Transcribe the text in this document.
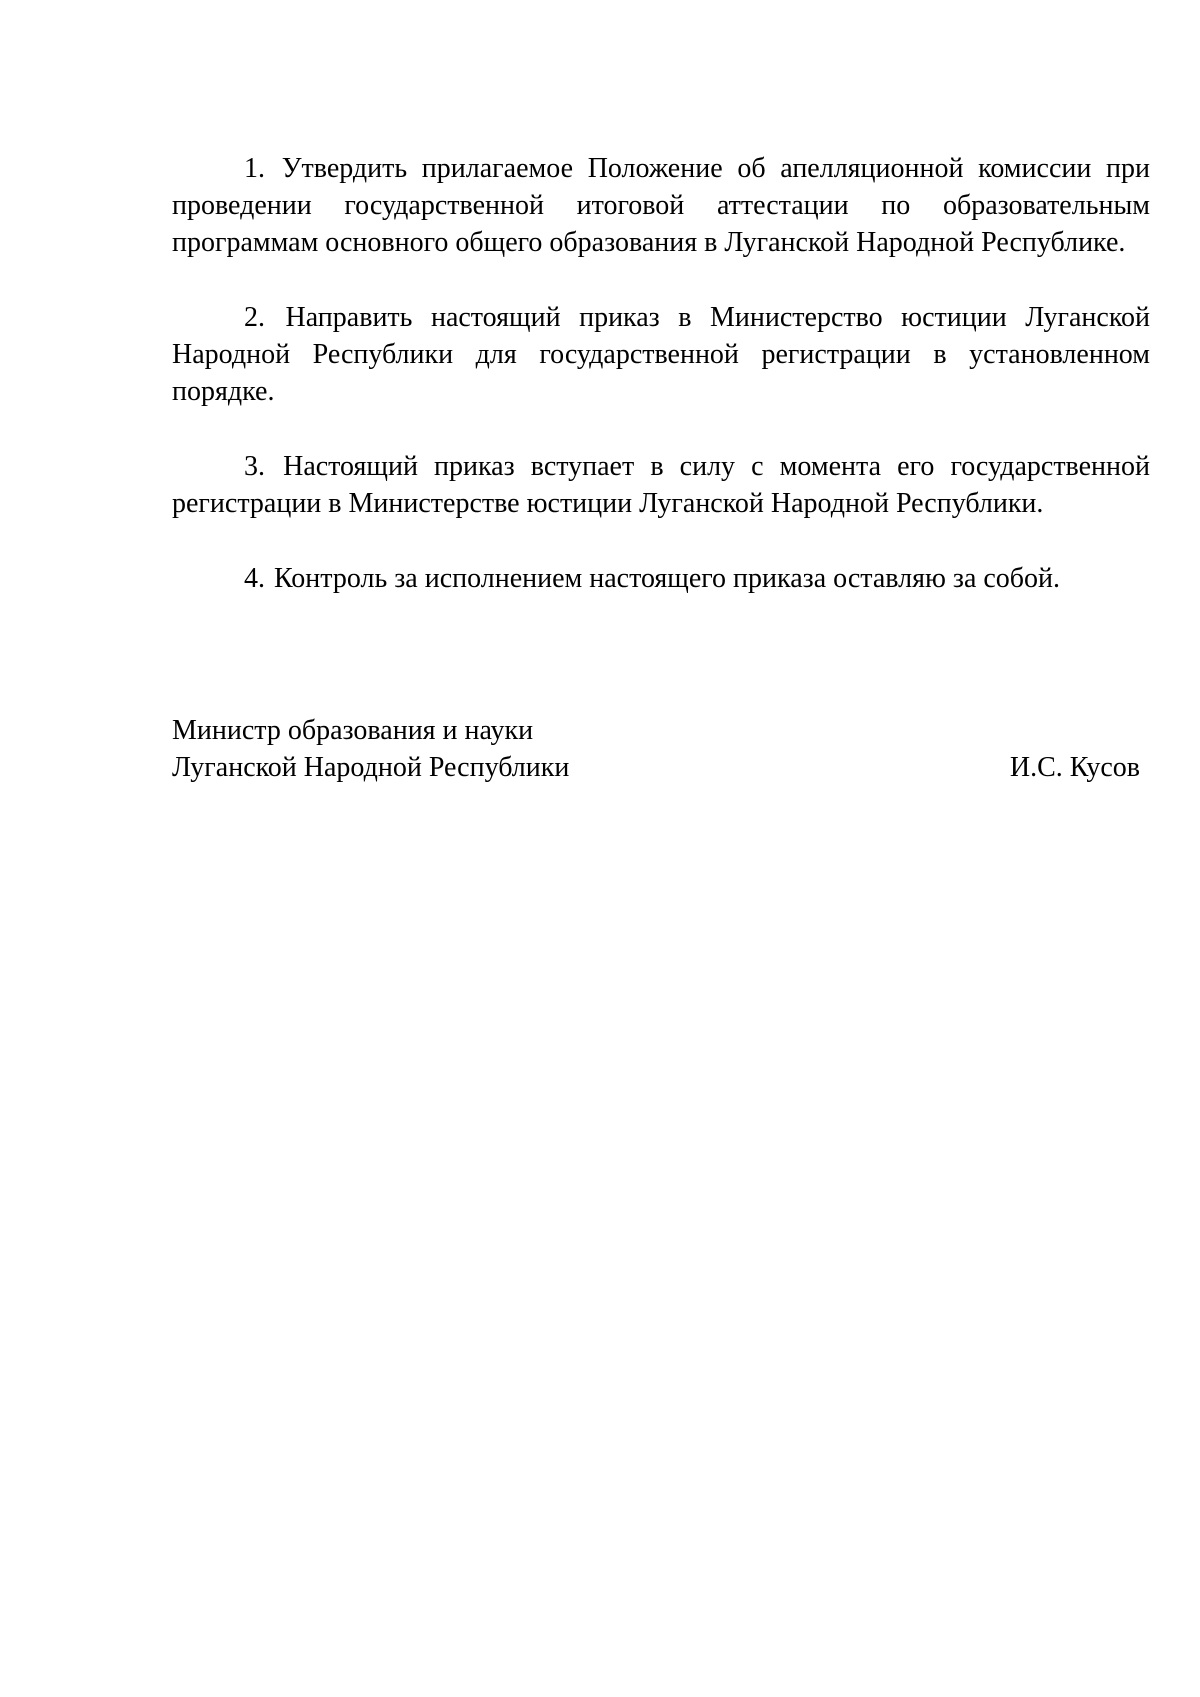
1. Утвердить прилагаемое Положение об апелляционной комиссии при проведении государственной итоговой аттестации по образовательным программам основного общего образования в Луганской Народной Республике.

2. Направить настоящий приказ в Министерство юстиции Луганской Народной Республики для государственной регистрации в установленном порядке.

3. Настоящий приказ вступает в силу с момента его государственной регистрации в Министерстве юстиции Луганской Народной Республики.

4. Контроль за исполнением настоящего приказа оставляю за собой.

Министр образования и науки
Луганской Народной Республики	И.С. Кусов
